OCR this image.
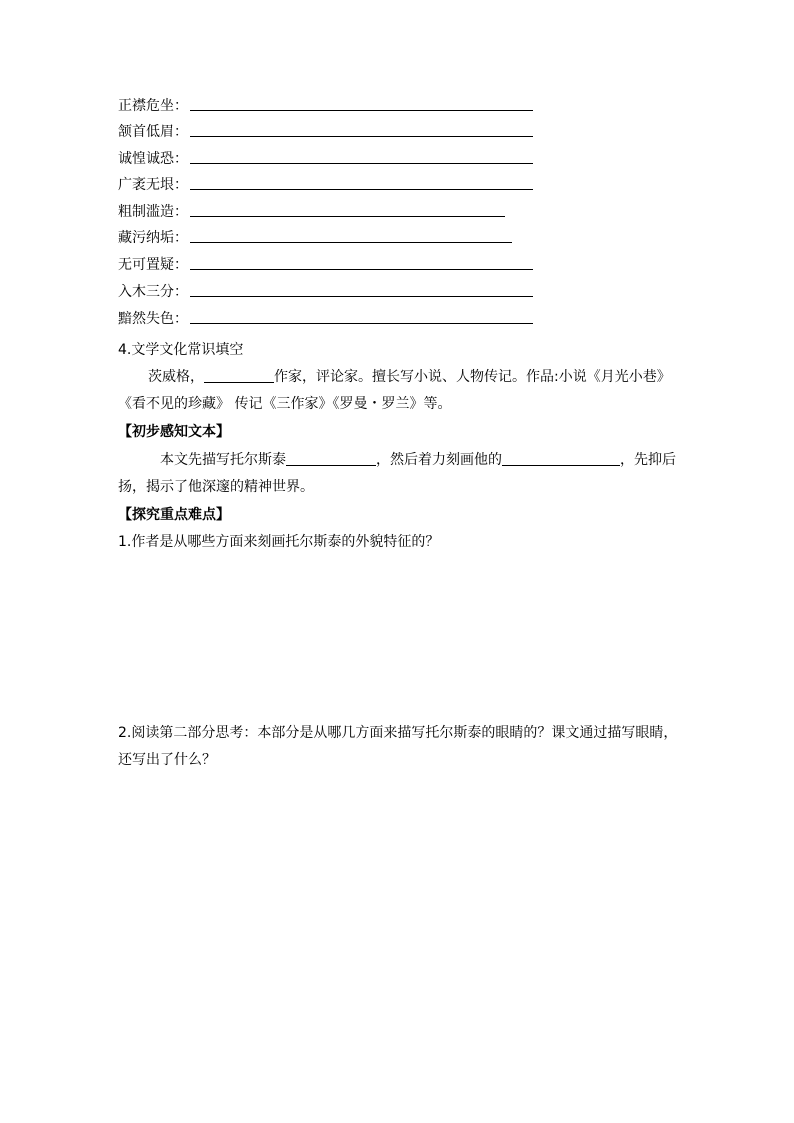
正襟危坐：
颔首低眉：
诚惶诚恐：
广袤无垠：
粗制滥造：
藏污纳垢：
无可置疑：
入木三分：
黯然失色：
4.文学文化常识填空
茨威格，	作家，评论家。擅长写小说、人物传记。作品:小说《月光小巷》
《看不见的珍藏》 传记《三作家》《罗曼・罗兰》等。
【初步感知文本】
本文先描写托尔斯泰	，然后着力刻画他的	，先抑后
扬，揭示了他深邃的精神世界。
【探究重点难点】
1.作者是从哪些方面来刻画托尔斯泰的外貌特征的？
2.阅读第二部分思考：本部分是从哪几方面来描写托尔斯泰的眼睛的？课文通过描写眼睛，
还写出了什么？
